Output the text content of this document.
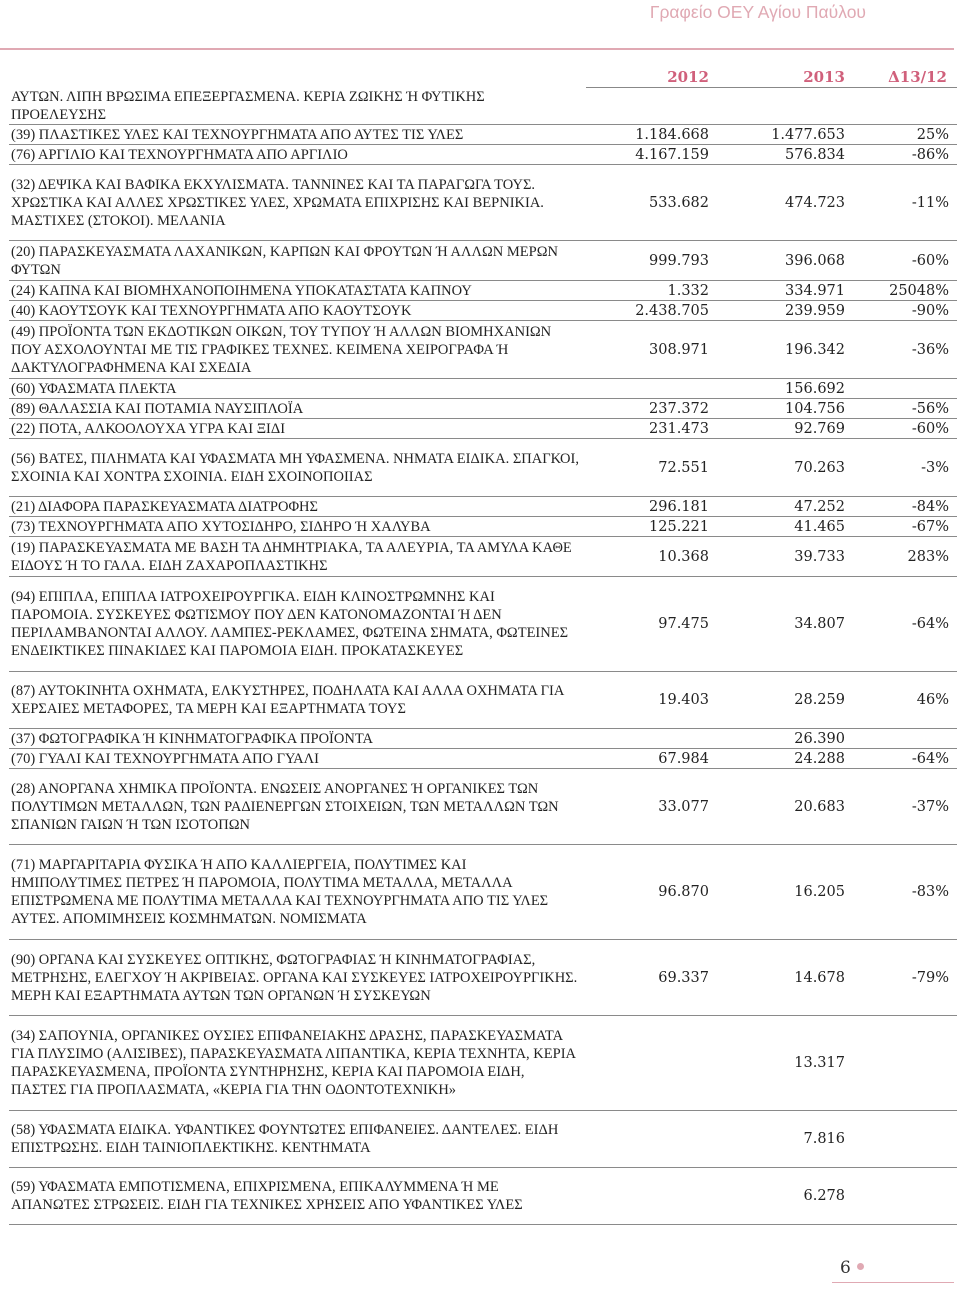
Γραφείο ΟΕΥ Αγίου Παύλου
	2012	2013	Δ13/12
ΑΥΤΩΝ. ΛΙΠΗ ΒΡΩΣΙΜΑ ΕΠΕΞΕΡΓΑΣΜΕΝΑ. ΚΕΡΙΑ ΖΩΙΚΗΣ Ή ΦΥΤΙΚΗΣ ΠΡΟΕΛΕΥΣΗΣ			
(39) ΠΛΑΣΤΙΚΕΣ ΥΛΕΣ ΚΑΙ ΤΕΧΝΟΥΡΓΗΜΑΤΑ ΑΠΟ ΑΥΤΕΣ ΤΙΣ ΥΛΕΣ	1.184.668	1.477.653	25%
(76) ΑΡΓΙΛΙΟ ΚΑΙ ΤΕΧΝΟΥΡΓΗΜΑΤΑ ΑΠΟ ΑΡΓΙΛΙΟ	4.167.159	576.834	-86%
(32) ΔΕΨΙΚΑ ΚΑΙ ΒΑΦΙΚΑ ΕΚΧΥΛΙΣΜΑΤΑ. ΤΑΝΝΙΝΕΣ ΚΑΙ ΤΑ ΠΑΡΑΓΩΓΑ ΤΟΥΣ. ΧΡΩΣΤΙΚΑ ΚΑΙ ΑΛΛΕΣ ΧΡΩΣΤΙΚΕΣ ΥΛΕΣ, ΧΡΩΜΑΤΑ ΕΠΙΧΡΙΣΗΣ ΚΑΙ ΒΕΡΝΙΚΙΑ. ΜΑΣΤΙΧΕΣ (ΣΤΟΚΟΙ). ΜΕΛΑΝΙΑ	533.682	474.723	-11%
(20) ΠΑΡΑΣΚΕΥΑΣΜΑΤΑ ΛΑΧΑΝΙΚΩΝ, ΚΑΡΠΩΝ ΚΑΙ ΦΡΟΥΤΩΝ Ή ΑΛΛΩΝ ΜΕΡΩΝ ΦΥΤΩΝ	999.793	396.068	-60%
(24) ΚΑΠΝΑ ΚΑΙ ΒΙΟΜΗΧΑΝΟΠΟΙΗΜΕΝΑ ΥΠΟΚΑΤΑΣΤΑΤΑ ΚΑΠΝΟΥ	1.332	334.971	25048%
(40) ΚΑΟΥΤΣΟΥΚ ΚΑΙ ΤΕΧΝΟΥΡΓΗΜΑΤΑ ΑΠΟ ΚΑΟΥΤΣΟΥΚ	2.438.705	239.959	-90%
(49) ΠΡΟΪΟΝΤΑ ΤΩΝ ΕΚΔΟΤΙΚΩΝ ΟΙΚΩΝ, ΤΟΥ ΤΥΠΟΥ Ή ΑΛΛΩΝ ΒΙΟΜΗΧΑΝΙΩΝ ΠΟΥ ΑΣΧΟΛΟΥΝΤΑΙ ΜΕ ΤΙΣ ΓΡΑΦΙΚΕΣ ΤΕΧΝΕΣ. ΚΕΙΜΕΝΑ ΧΕΙΡΟΓΡΑΦΑ Ή ΔΑΚΤΥΛΟΓΡΑΦΗΜΕΝΑ ΚΑΙ ΣΧΕΔΙΑ	308.971	196.342	-36%
(60) ΥΦΑΣΜΑΤΑ ΠΛΕΚΤΑ		156.692	
(89) ΘΑΛΑΣΣΙΑ ΚΑΙ ΠΟΤΑΜΙΑ ΝΑΥΣΙΠΛΟΪΑ	237.372	104.756	-56%
(22) ΠΟΤΑ, ΑΛΚΟΟΛΟΥΧΑ ΥΓΡΑ ΚΑΙ ΞΙΔΙ	231.473	92.769	-60%
(56) ΒΑΤΕΣ, ΠΙΛΗΜΑΤΑ ΚΑΙ ΥΦΑΣΜΑΤΑ ΜΗ ΥΦΑΣΜΕΝΑ. ΝΗΜΑΤΑ ΕΙΔΙΚΑ. ΣΠΑΓΚΟΙ, ΣΧΟΙΝΙΑ ΚΑΙ ΧΟΝΤΡΑ ΣΧΟΙΝΙΑ. ΕΙΔΗ ΣΧΟΙΝΟΠΟΙΙΑΣ	72.551	70.263	-3%
(21) ΔΙΑΦΟΡΑ ΠΑΡΑΣΚΕΥΑΣΜΑΤΑ ΔΙΑΤΡΟΦΗΣ	296.181	47.252	-84%
(73) ΤΕΧΝΟΥΡΓΗΜΑΤΑ ΑΠΟ ΧΥΤΟΣΙΔΗΡΟ, ΣΙΔΗΡΟ Ή ΧΑΛΥΒΑ	125.221	41.465	-67%
(19) ΠΑΡΑΣΚΕΥΑΣΜΑΤΑ ΜΕ ΒΑΣΗ ΤΑ ΔΗΜΗΤΡΙΑΚΑ, ΤΑ ΑΛΕΥΡΙΑ, ΤΑ ΑΜΥΛΑ ΚΑΘΕ ΕΙΔΟΥΣ Ή ΤΟ ΓΑΛΑ. ΕΙΔΗ ΖΑΧΑΡΟΠΛΑΣΤΙΚΗΣ	10.368	39.733	283%
(94) ΕΠΙΠΛΑ, ΕΠΙΠΛΑ ΙΑΤΡΟΧΕΙΡΟΥΡΓΙΚΑ. ΕΙΔΗ ΚΛΙΝΟΣΤΡΩΜΝΗΣ ΚΑΙ ΠΑΡΟΜΟΙΑ. ΣΥΣΚΕΥΕΣ ΦΩΤΙΣΜΟΥ ΠΟΥ ΔΕΝ ΚΑΤΟΝΟΜΑΖΟΝΤΑΙ Ή ΔΕΝ ΠΕΡΙΛΑΜΒΑΝΟΝΤΑΙ ΑΛΛΟΥ. ΛΑΜΠΕΣ-ΡΕΚΛΑΜΕΣ, ΦΩΤΕΙΝΑ ΣΗΜΑΤΑ, ΦΩΤΕΙΝΕΣ ΕΝΔΕΙΚΤΙΚΕΣ ΠΙΝΑΚΙΔΕΣ ΚΑΙ ΠΑΡΟΜΟΙΑ ΕΙΔΗ. ΠΡΟΚΑΤΑΣΚΕΥΕΣ	97.475	34.807	-64%
(87) ΑΥΤΟΚΙΝΗΤΑ ΟΧΗΜΑΤΑ, ΕΛΚΥΣΤΗΡΕΣ, ΠΟΔΗΛΑΤΑ ΚΑΙ ΑΛΛΑ ΟΧΗΜΑΤΑ ΓΙΑ ΧΕΡΣΑΙΕΣ ΜΕΤΑΦΟΡΕΣ, ΤΑ ΜΕΡΗ ΚΑΙ ΕΞΑΡΤΗΜΑΤΑ ΤΟΥΣ	19.403	28.259	46%
(37) ΦΩΤΟΓΡΑΦΙΚΑ Ή ΚΙΝΗΜΑΤΟΓΡΑΦΙΚΑ ΠΡΟΪΟΝΤΑ		26.390	
(70) ΓΥΑΛΙ ΚΑΙ ΤΕΧΝΟΥΡΓΗΜΑΤΑ ΑΠΟ ΓΥΑΛΙ	67.984	24.288	-64%
(28) ΑΝΟΡΓΑΝΑ ΧΗΜΙΚΑ ΠΡΟΪΟΝΤΑ. ΕΝΩΣΕΙΣ ΑΝΟΡΓΑΝΕΣ Ή ΟΡΓΑΝΙΚΕΣ ΤΩΝ ΠΟΛΥΤΙΜΩΝ ΜΕΤΑΛΛΩΝ, ΤΩΝ ΡΑΔΙΕΝΕΡΓΩΝ ΣΤΟΙΧΕΙΩΝ, ΤΩΝ ΜΕΤΑΛΛΩΝ ΤΩΝ ΣΠΑΝΙΩΝ ΓΑΙΩΝ Ή ΤΩΝ ΙΣΟΤΟΠΩΝ	33.077	20.683	-37%
(71) ΜΑΡΓΑΡΙΤΑΡΙΑ ΦΥΣΙΚΑ Ή ΑΠΟ ΚΑΛΛΙΕΡΓΕΙΑ, ΠΟΛΥΤΙΜΕΣ ΚΑΙ ΗΜΙΠΟΛΥΤΙΜΕΣ ΠΕΤΡΕΣ Ή ΠΑΡΟΜΟΙΑ, ΠΟΛΥΤΙΜΑ ΜΕΤΑΛΛΑ, ΜΕΤΑΛΛΑ ΕΠΙΣΤΡΩΜΕΝΑ ΜΕ ΠΟΛΥΤΙΜΑ ΜΕΤΑΛΛΑ ΚΑΙ ΤΕΧΝΟΥΡΓΗΜΑΤΑ ΑΠΟ ΤΙΣ ΥΛΕΣ ΑΥΤΕΣ. ΑΠΟΜΙΜΗΣΕΙΣ ΚΟΣΜΗΜΑΤΩΝ. ΝΟΜΙΣΜΑΤΑ	96.870	16.205	-83%
(90) ΟΡΓΑΝΑ ΚΑΙ ΣΥΣΚΕΥΕΣ ΟΠΤΙΚΗΣ, ΦΩΤΟΓΡΑΦΙΑΣ Ή ΚΙΝΗΜΑΤΟΓΡΑΦΙΑΣ, ΜΕΤΡΗΣΗΣ, ΕΛΕΓΧΟΥ Ή ΑΚΡΙΒΕΙΑΣ. ΟΡΓΑΝΑ ΚΑΙ ΣΥΣΚΕΥΕΣ ΙΑΤΡΟΧΕΙΡΟΥΡΓΙΚΗΣ. ΜΕΡΗ ΚΑΙ ΕΞΑΡΤΗΜΑΤΑ ΑΥΤΩΝ ΤΩΝ ΟΡΓΑΝΩΝ Ή ΣΥΣΚΕΥΩΝ	69.337	14.678	-79%
(34) ΣΑΠΟΥΝΙΑ, ΟΡΓΑΝΙΚΕΣ ΟΥΣΙΕΣ ΕΠΙΦΑΝΕΙΑΚΗΣ ΔΡΑΣΗΣ, ΠΑΡΑΣΚΕΥΑΣΜΑΤΑ ΓΙΑ ΠΛΥΣΙΜΟ (ΑΛΙΣΙΒΕΣ), ΠΑΡΑΣΚΕΥΑΣΜΑΤΑ ΛΙΠΑΝΤΙΚΑ, ΚΕΡΙΑ ΤΕΧΝΗΤΑ, ΚΕΡΙΑ ΠΑΡΑΣΚΕΥΑΣΜΕΝΑ, ΠΡΟΪΟΝΤΑ ΣΥΝΤΗΡΗΣΗΣ, ΚΕΡΙΑ ΚΑΙ ΠΑΡΟΜΟΙΑ ΕΙΔΗ, ΠΑΣΤΕΣ ΓΙΑ ΠΡΟΠΛΑΣΜΑΤΑ, «ΚΕΡΙΑ ΓΙΑ ΤΗΝ ΟΔΟΝΤΟΤΕΧΝΙΚΗ»		13.317	
(58) ΥΦΑΣΜΑΤΑ ΕΙΔΙΚΑ. ΥΦΑΝΤΙΚΕΣ ΦΟΥΝΤΩΤΕΣ ΕΠΙΦΑΝΕΙΕΣ. ΔΑΝΤΕΛΕΣ. ΕΙΔΗ ΕΠΙΣΤΡΩΣΗΣ. ΕΙΔΗ ΤΑΙΝΙΟΠΛΕΚΤΙΚΗΣ. ΚΕΝΤΗΜΑΤΑ		7.816	
(59) ΥΦΑΣΜΑΤΑ ΕΜΠΟΤΙΣΜΕΝΑ, ΕΠΙΧΡΙΣΜΕΝΑ, ΕΠΙΚΑΛΥΜΜΕΝΑ Ή ΜΕ ΑΠΑΝΩΤΕΣ ΣΤΡΩΣΕΙΣ. ΕΙΔΗ ΓΙΑ ΤΕΧΝΙΚΕΣ ΧΡΗΣΕΙΣ ΑΠΟ ΥΦΑΝΤΙΚΕΣ ΥΛΕΣ		6.278	
6
